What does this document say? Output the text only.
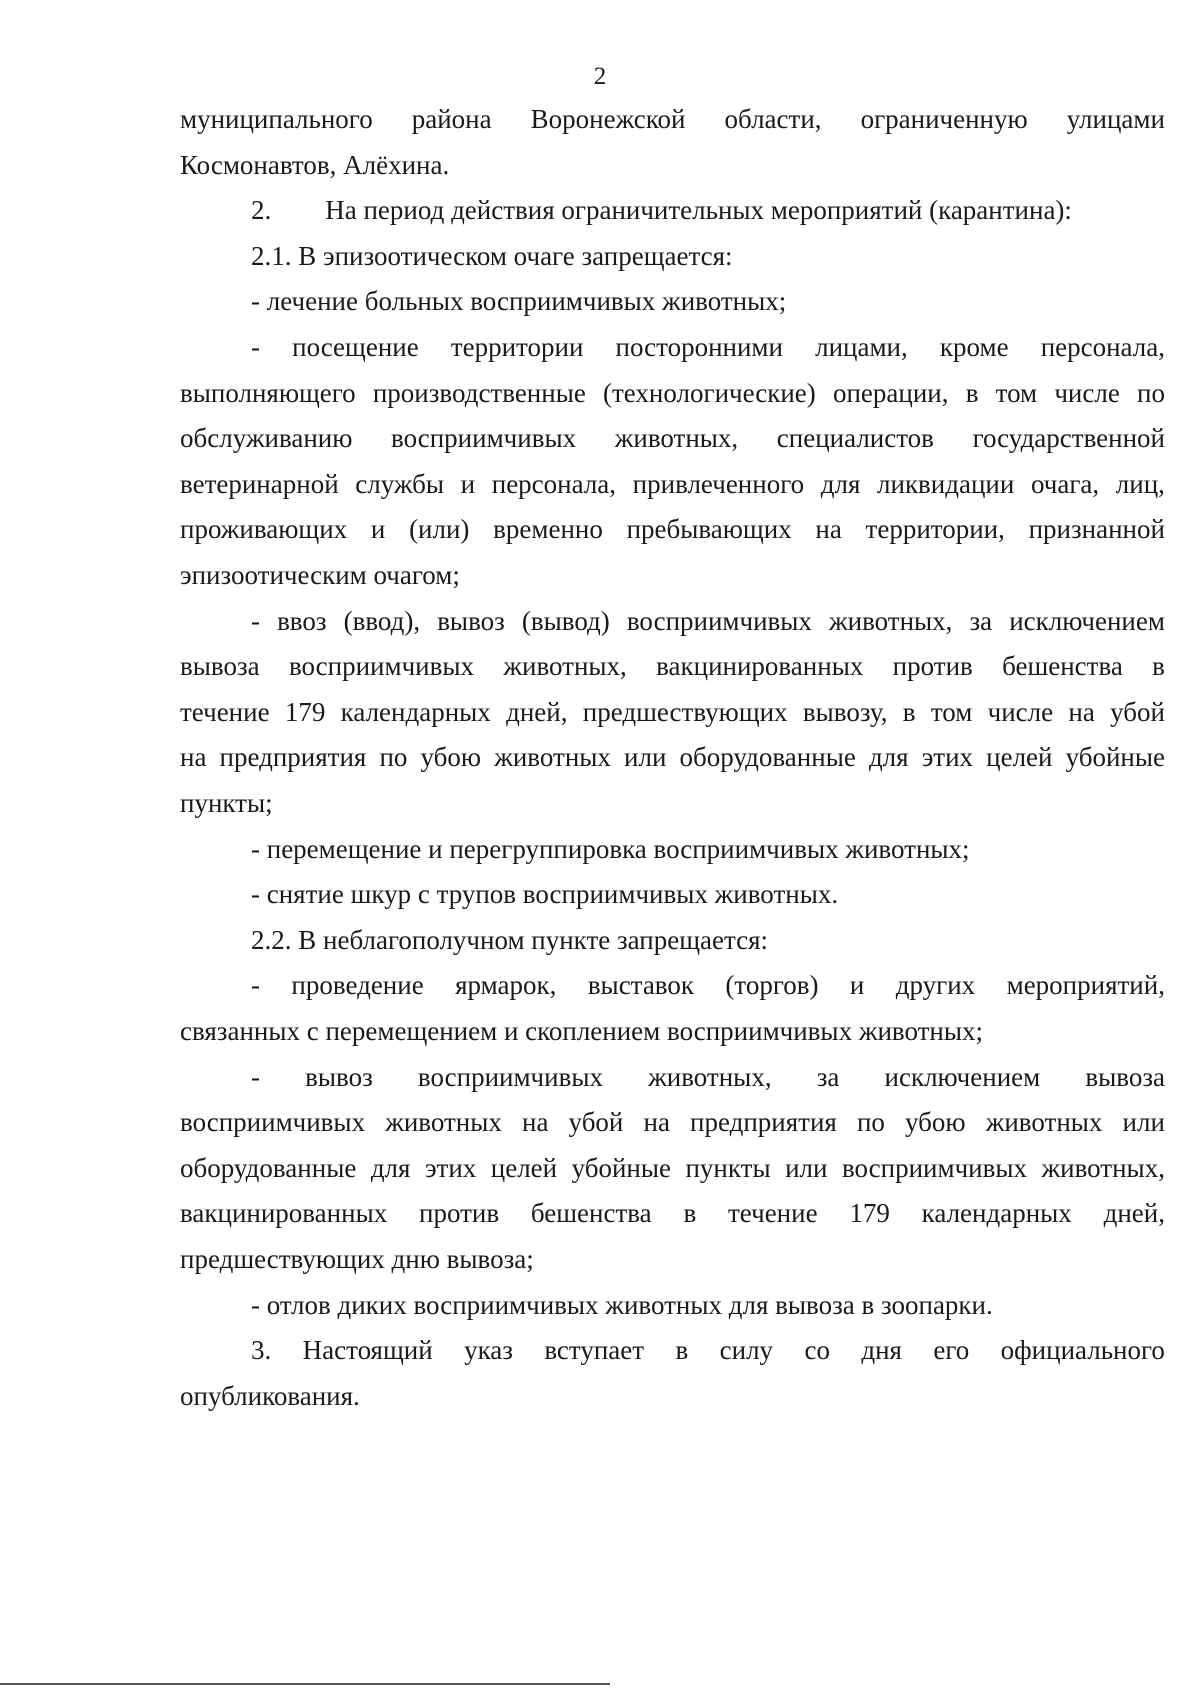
2
муниципального района Воронежской области, ограниченную улицами
Космонавтов, Алёхина.
2.  На период действия ограничительных мероприятий (карантина):
2.1. В эпизоотическом очаге запрещается:
- лечение больных восприимчивых животных;
- посещение территории посторонними лицами, кроме персонала,
выполняющего производственные (технологические) операции, в том числе по
обслуживанию восприимчивых животных, специалистов государственной
ветеринарной службы и персонала, привлеченного для ликвидации очага, лиц,
проживающих и (или) временно пребывающих на территории, признанной
эпизоотическим очагом;
- ввоз (ввод), вывоз (вывод) восприимчивых животных, за исключением
вывоза восприимчивых животных, вакцинированных против бешенства в
течение 179 календарных дней, предшествующих вывозу, в том числе на убой
на предприятия по убою животных или оборудованные для этих целей убойные
пункты;
- перемещение и перегруппировка восприимчивых животных;
- снятие шкур с трупов восприимчивых животных.
2.2. В неблагополучном пункте запрещается:
- проведение ярмарок, выставок (торгов) и других мероприятий,
связанных с перемещением и скоплением восприимчивых животных;
- вывоз восприимчивых животных, за исключением вывоза
восприимчивых животных на убой на предприятия по убою животных или
оборудованные для этих целей убойные пункты или восприимчивых животных,
вакцинированных против бешенства в течение 179 календарных дней,
предшествующих дню вывоза;
- отлов диких восприимчивых животных для вывоза в зоопарки.
3. Настоящий указ вступает в силу со дня его официального
опубликования.
